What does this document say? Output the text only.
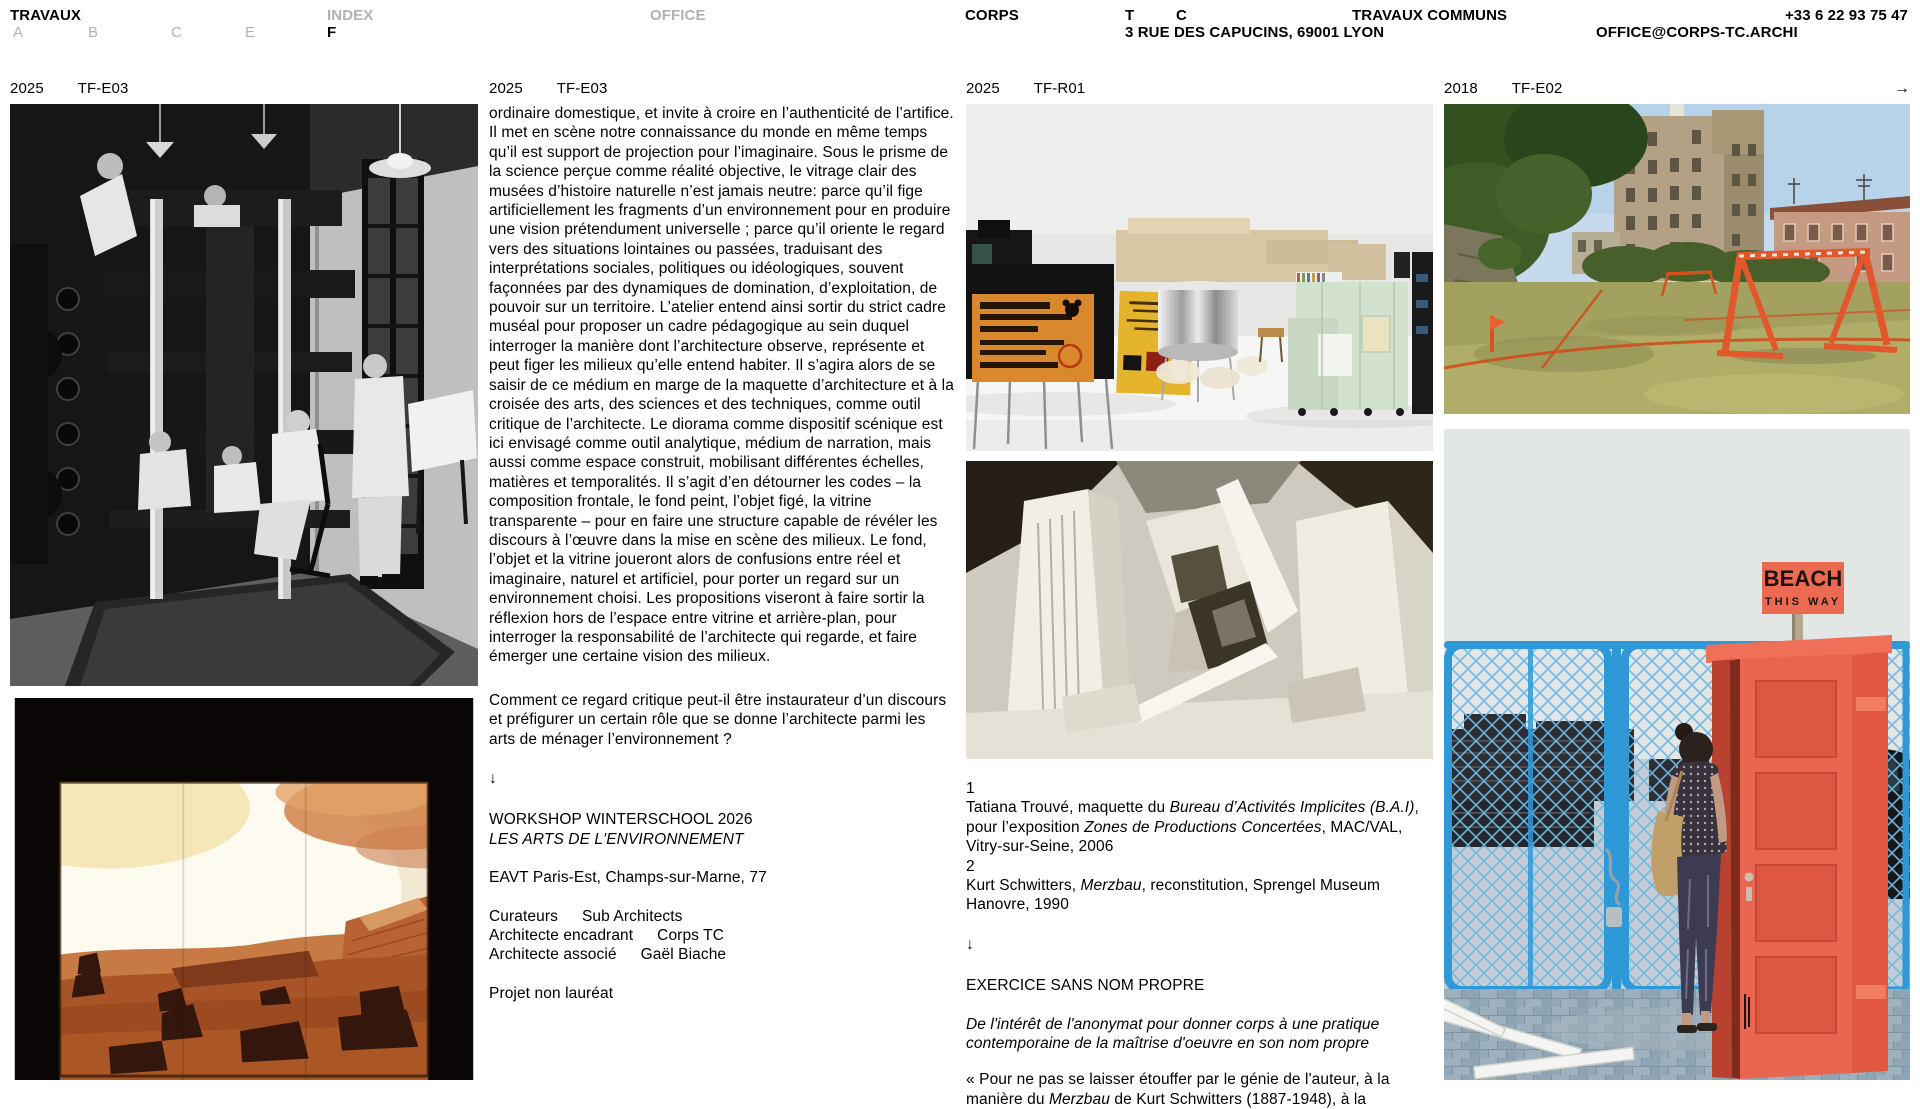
TRAVAUX	INDEX	OFFICE
A	B	C	E	F
CORPS	T	C	TRAVAUX COMMUNS	+33 6 22 93 75 47
3 RUE DES CAPUCINS, 69001 LYON	OFFICE@CORPS-TC.ARCHI
2025 TF-E03	2025 TF-E03
ordinaire domestique, et invite à croire en l’authenticité de l’artifice. Il met en scène notre connaissance du monde en même temps qu’il est support de projection pour l’imaginaire. Sous le prisme de la science perçue comme réalité objective, le vitrage clair des musées d’histoire naturelle n’est jamais neutre: parce qu’il fige artificiellement les fragments d’un environnement pour en produire une vision prétendument universelle ; parce qu’il oriente le regard vers des situations lointaines ou passées, traduisant des interprétations sociales, politiques ou idéologiques, souvent façonnées par des dynamiques de domination, d’exploitation, de pouvoir sur un territoire. L’atelier entend ainsi sortir du strict cadre muséal pour proposer un cadre pédagogique au sein duquel interroger la manière dont l’architecture observe, représente et peut figer les milieux qu’elle entend habiter. Il s’agira alors de se saisir de ce médium en marge de la maquette d’architecture et à la croisée des arts, des sciences et des techniques, comme outil critique de l’architecte. Le diorama comme dispositif scénique est ici envisagé comme outil analytique, médium de narration, mais aussi comme espace construit, mobilisant différentes échelles, matières et temporalités. Il s’agit d’en détourner les codes – la composition frontale, le fond peint, l’objet figé, la vitrine transparente – pour en faire une structure capable de révéler les discours à l’œuvre dans la mise en scène des milieux. Le fond, l’objet et la vitrine joueront alors de confusions entre réel et imaginaire, naturel et artificiel, pour porter un regard sur un environnement choisi. Les propositions viseront à faire sortir la réflexion hors de l’espace entre vitrine et arrière-plan, pour interroger la responsabilité de l’architecte qui regarde, et faire émerger une certaine vision des milieux.
Comment ce regard critique peut-il être instaurateur d’un discours et préfigurer un certain rôle que se donne l’architecte parmi les arts de ménager l’environnement ?
↓
WORKSHOP WINTERSCHOOL 2026
LES ARTS DE L'ENVIRONNEMENT
EAVT Paris-Est, Champs-sur-Marne, 77
Curateurs Sub Architects
Architecte encadrant Corps TC
Architecte associé Gaël Biache
Projet non lauréat
2025 TF-R01
1
Tatiana Trouvé, maquette du Bureau d’Activités Implicites (B.A.I), pour l’exposition Zones de Productions Concertées, MAC/VAL, Vitry-sur-Seine, 2006
2
Kurt Schwitters, Merzbau, reconstitution, Sprengel Museum Hanovre, 1990
↓
EXERCICE SANS NOM PROPRE
De l'intérêt de l'anonymat pour donner corps à une pratique contemporaine de la maîtrise d'oeuvre en son nom propre
« Pour ne pas se laisser étouffer par le génie de l'auteur, à la manière du Merzbau de Kurt Schwitters (1887-1948), à la
2018 TF-E02	→
BEACH
THIS WAY
